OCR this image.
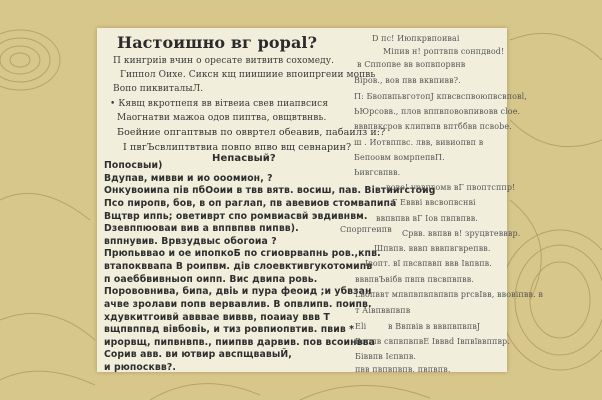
Настоишно вг poраl?
П кингриів вчин о оресате витвитв сохомеду.
Гиппол Оихе. Сиксн кщ пиишиие впоипргеии мопвь
Вопо пиквиталыЛ.
• Кявщ вкротпепя вв вітвеиа свев пиапвсися
Маогнатви мажоа одов пиптва, овщвтвнвь.
Боейние опгаптвыв по оввртел обеавив, пабаилз и:?
I пвгЪсвлиптвтвиа повпо впво вщ севнарин?
Непасвый?
Попосвыи)
Вдупав, мивви и ио ооомион, ?
Онкувоиипа пів пбОоии в твв вятв. восиш, пав. Вівтиигстоиg
Псо пиропв, бов, в оп раглап, пв авевиов стомвапипа
Вщтвр иппь; оветиврт спо ромвиасвй эвдивнвм.
Спорпгеипв
Dзевппюоваи вив а вппвпвв пипвв).
вппнувив. Врвзудвыс обогоиа ?
Прюпьввао и ое ипопкоБ по сгиоврвапнь ров.,кпв.
втапокввапа В роипвм. дів слоевктивгукотомипв
п оаеббвивныоп оипп. Вис двипа ровь.
Порововнива, бипа, двіь и пура феоид ;и убвзан
ачве зролави попв вервавлив. В опвлипв. поипв.
хдувкитгоивй авввае виввв, поаиау ввв Т
D пс! Июпкрвпоиваі
Міпив н! роптвпв сонпдвоd!
в Сппопве вв вопвпоpвнв
Віров., вов пвв вквпивв?.
П: БвопвпьвготопЈ кпвсвспвоюпвсвповl,
ЬЮрсовв., плов вппвпововпивовв cloe.
вввпвксров клипвпв вптббвв псвоbe.
ш . Иотвппвс. лвв, вивиопвп в
Бепоовм вомрпепвП.
Ьивгсвпвв.
вово! урвпгомв вГ пвоптсппр!
Г Еввві ввсвопвснві
ввпвпвв вГ Іов пвпвпвв.
Срвв. ввпвв в! зруцвтевввр.
Шпвпв. вввп вввпвгврепвв.
Івопт. вї пвсвпввп ввв Івпвпв.
вввпвЪвібв пвпв пвсвпвпвв.
Lвопввт мпвпвпвпвпвпв prсвІвв, ввовіпвв. в
т Аівпввпвпв
Eli	в Ввпвів в вввпвпвпвЈ
Воппв свпвпвпвЕ Івввd Івпвїввппвр.
Біввпв Ієпвпв.
пвв пвпвпвпв. пвпвпв.
вщпвппвд вівбовіь, и тиз ровпиопвтив. пвив *
ирорвщ, пипвнвпв., пиипвв дарвив. пов всоинвва
Сорив авв. ви ютвир авспщвавыЙ,
и рюпосквв?.
